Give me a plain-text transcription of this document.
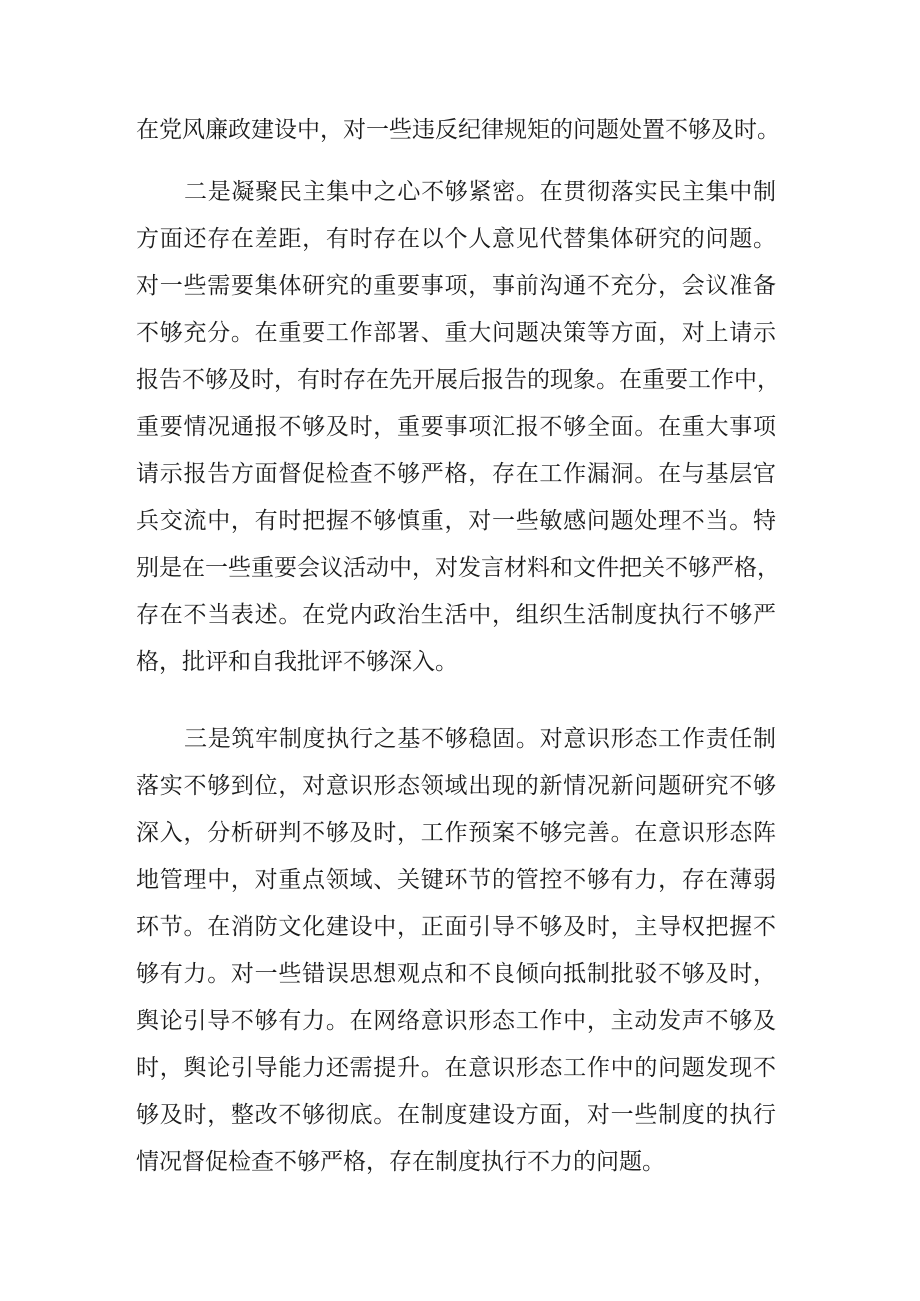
在党风廉政建设中，对一些违反纪律规矩的问题处置不够及时。
二是凝聚民主集中之心不够紧密。在贯彻落实民主集中制
方面还存在差距，有时存在以个人意见代替集体研究的问题。
对一些需要集体研究的重要事项，事前沟通不充分，会议准备
不够充分。在重要工作部署、重大问题决策等方面，对上请示
报告不够及时，有时存在先开展后报告的现象。在重要工作中，
重要情况通报不够及时，重要事项汇报不够全面。在重大事项
请示报告方面督促检查不够严格，存在工作漏洞。在与基层官
兵交流中，有时把握不够慎重，对一些敏感问题处理不当。特
别是在一些重要会议活动中，对发言材料和文件把关不够严格，
存在不当表述。在党内政治生活中，组织生活制度执行不够严
格，批评和自我批评不够深入。
三是筑牢制度执行之基不够稳固。对意识形态工作责任制
落实不够到位，对意识形态领域出现的新情况新问题研究不够
深入，分析研判不够及时，工作预案不够完善。在意识形态阵
地管理中，对重点领域、关键环节的管控不够有力，存在薄弱
环节。在消防文化建设中，正面引导不够及时，主导权把握不
够有力。对一些错误思想观点和不良倾向抵制批驳不够及时，
舆论引导不够有力。在网络意识形态工作中，主动发声不够及
时，舆论引导能力还需提升。在意识形态工作中的问题发现不
够及时，整改不够彻底。在制度建设方面，对一些制度的执行
情况督促检查不够严格，存在制度执行不力的问题。
